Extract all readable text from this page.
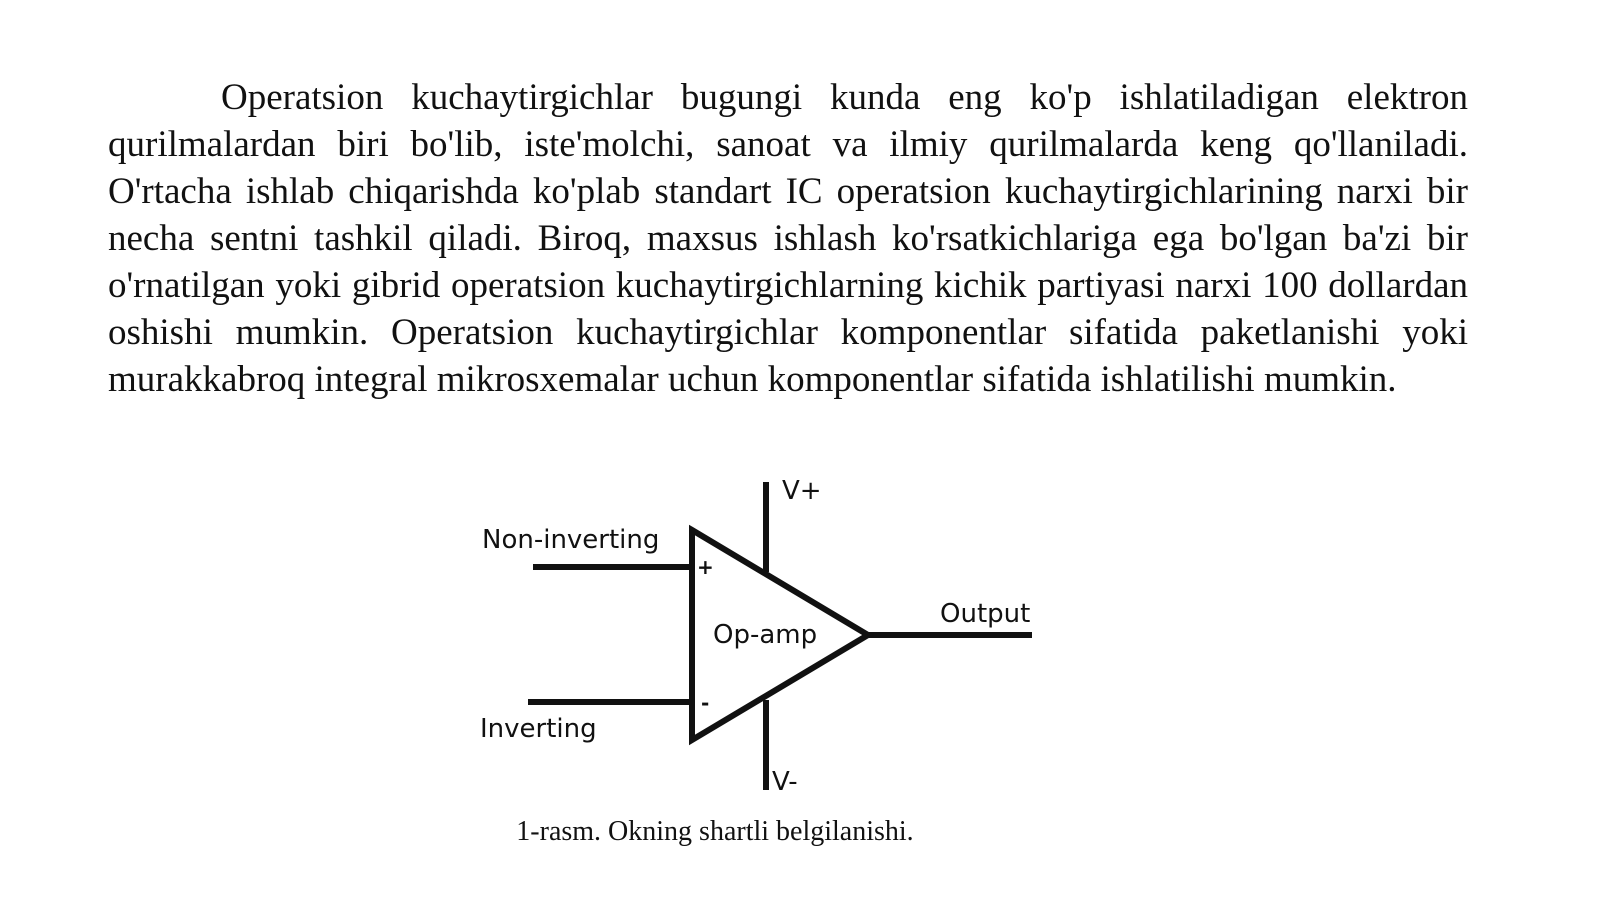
Operatsion kuchaytirgichlar bugungi kunda eng ko'p ishlatiladigan elektron qurilmalardan biri bo'lib, iste'molchi, sanoat va ilmiy qurilmalarda keng qo'llaniladi. O'rtacha ishlab chiqarishda ko'plab standart IC operatsion kuchaytirgichlarining narxi bir necha sentni tashkil qiladi. Biroq, maxsus ishlash ko'rsatkichlariga ega bo'lgan ba'zi bir o'rnatilgan yoki gibrid operatsion kuchaytirgichlarning kichik partiyasi narxi 100 dollardan oshishi mumkin. Operatsion kuchaytirgichlar komponentlar sifatida paketlanishi yoki murakkabroq integral mikrosxemalar uchun komponentlar sifatida ishlatilishi mumkin.

V+
V-
Non-inverting
Inverting
Output
Op-amp
+
-

1-rasm. Okning shartli belgilanishi.
